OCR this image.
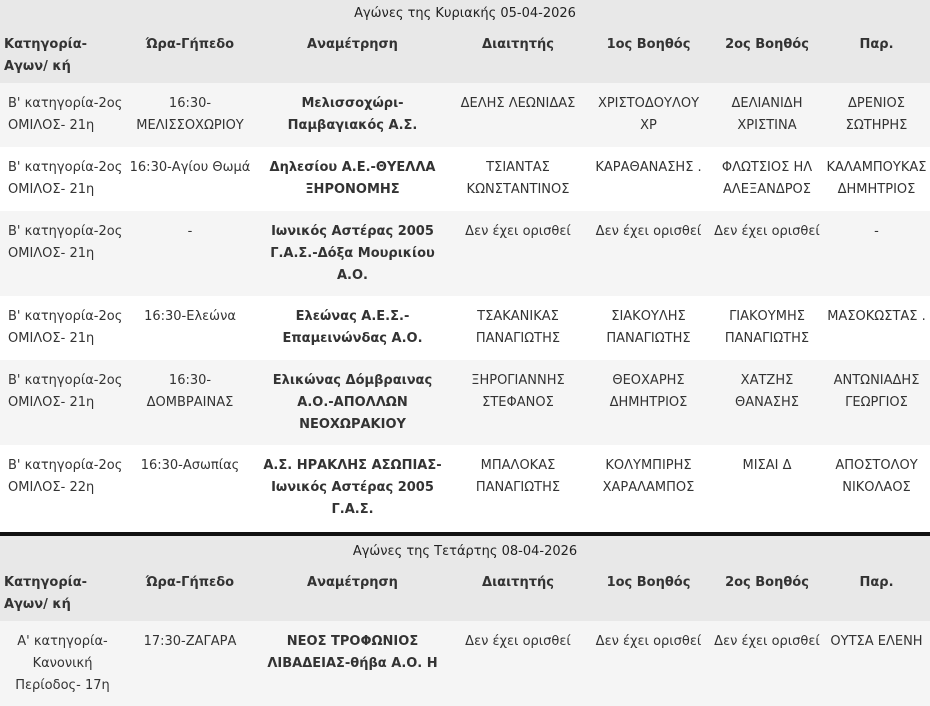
Αγώνες της Κυριακής 05-04-2026
Κατηγορία- Αγων/ κή	Ώρα-Γήπεδο	Αναμέτρηση	Διαιτητής	1ος Βοηθός	2ος Βοηθός	Παρ.
Β' κατηγορία-2ος ΟΜΙΛΟΣ- 21η	16:30-ΜΕΛΙΣΣΟΧΩΡΙΟΥ	Μελισσοχώρι-Παμβαγιακός Α.Σ.	ΔΕΛΗΣ ΛΕΩΝΙΔΑΣ	ΧΡΙΣΤΟΔΟΥΛΟΥ ΧΡ	ΔΕΛΙΑΝΙΔΗ ΧΡΙΣΤΙΝΑ	ΔΡΕΝΙΟΣ ΣΩΤΗΡΗΣ
Β' κατηγορία-2ος ΟΜΙΛΟΣ- 21η	16:30-Αγίου Θωμά	Δηλεσίου Α.Ε.-ΘΥΕΛΛΑ ΞΗΡΟΝΟΜΗΣ	ΤΣΙΑΝΤΑΣ ΚΩΝΣΤΑΝΤΙΝΟΣ	ΚΑΡΑΘΑΝΑΣΗΣ .	ΦΛΩΤΣΙΟΣ ΗΛ ΑΛΕΞΑΝΔΡΟΣ	ΚΑΛΑΜΠΟΥΚΑΣ ΔΗΜΗΤΡΙΟΣ
Β' κατηγορία-2ος ΟΜΙΛΟΣ- 21η	-	Ιωνικός Αστέρας 2005 Γ.Α.Σ.-Δόξα Μουρικίου Α.Ο.	Δεν έχει ορισθεί	Δεν έχει ορισθεί	Δεν έχει ορισθεί	-
Β' κατηγορία-2ος ΟΜΙΛΟΣ- 21η	16:30-Ελεώνα	Ελεώνας Α.Ε.Σ.-Επαμεινώνδας Α.Ο.	ΤΣΑΚΑΝΙΚΑΣ ΠΑΝΑΓΙΩΤΗΣ	ΣΙΑΚΟΥΛΗΣ ΠΑΝΑΓΙΩΤΗΣ	ΓΙΑΚΟΥΜΗΣ ΠΑΝΑΓΙΩΤΗΣ	ΜΑΣΟΚΩΣΤΑΣ .
Β' κατηγορία-2ος ΟΜΙΛΟΣ- 21η	16:30-ΔΟΜΒΡΑΙΝΑΣ	Ελικώνας Δόμβραινας Α.Ο.-ΑΠΟΛΛΩΝ ΝΕΟΧΩΡΑΚΙΟΥ	ΞΗΡΟΓΙΑΝΝΗΣ ΣΤΕΦΑΝΟΣ	ΘΕΟΧΑΡΗΣ ΔΗΜΗΤΡΙΟΣ	ΧΑΤΖΗΣ ΘΑΝΑΣΗΣ	ΑΝΤΩΝΙΑΔΗΣ ΓΕΩΡΓΙΟΣ
Β' κατηγορία-2ος ΟΜΙΛΟΣ- 22η	16:30-Ασωπίας	Α.Σ. ΗΡΑΚΛΗΣ ΑΣΩΠΙΑΣ-Ιωνικός Αστέρας 2005 Γ.Α.Σ.	ΜΠΑΛΟΚΑΣ ΠΑΝΑΓΙΩΤΗΣ	ΚΟΛΥΜΠΙΡΗΣ ΧΑΡΑΛΑΜΠΟΣ	ΜΙΣΑΙ Δ	ΑΠΟΣΤΟΛΟΥ ΝΙΚΟΛΑΟΣ
Αγώνες της Τετάρτης 08-04-2026
Κατηγορία- Αγων/ κή	Ώρα-Γήπεδο	Αναμέτρηση	Διαιτητής	1ος Βοηθός	2ος Βοηθός	Παρ.
Α' κατηγορία- Κανονική Περίοδος- 17η	17:30-ΖΑΓΑΡΑ	ΝΕΟΣ ΤΡΟΦΩΝΙΟΣ ΛΙΒΑΔΕΙΑΣ-θήβα Α.Ο. Η	Δεν έχει ορισθεί	Δεν έχει ορισθεί	Δεν έχει ορισθεί	ΟΥΤΣΑ ΕΛΕΝΗ
